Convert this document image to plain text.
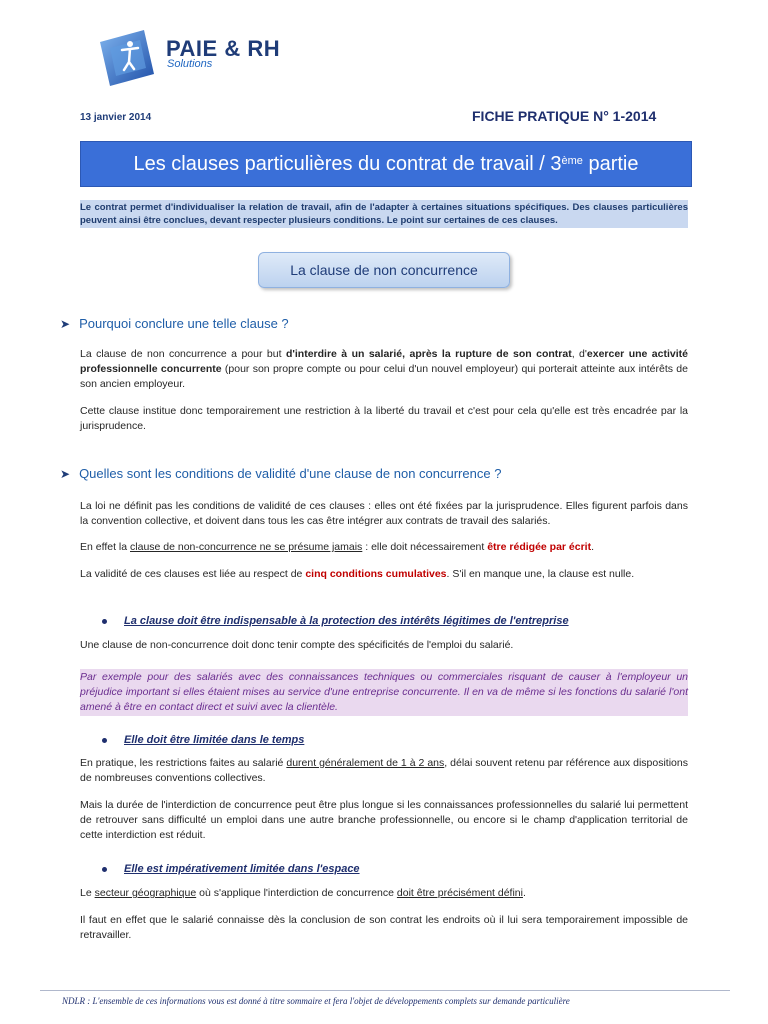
PAIE & RH
Solutions
13 janvier 2014	FICHE PRATIQUE N° 1-2014
Les clauses particulières du contrat de travail / 3ème partie
Le contrat permet d'individualiser la relation de travail, afin de l'adapter à certaines situations spécifiques. Des clauses particulières peuvent ainsi être conclues, devant respecter plusieurs conditions. Le point sur certaines de ces clauses.
La clause de non concurrence
➤ Pourquoi conclure une telle clause ?
La clause de non concurrence a pour but d'interdire à un salarié, après la rupture de son contrat, d'exercer une activité professionnelle concurrente (pour son propre compte ou pour celui d'un nouvel employeur) qui porterait atteinte aux intérêts de son ancien employeur.
Cette clause institue donc temporairement une restriction à la liberté du travail et c'est pour cela qu'elle est très encadrée par la jurisprudence.
➤ Quelles sont les conditions de validité d'une clause de non concurrence ?
La loi ne définit pas les conditions de validité de ces clauses : elles ont été fixées par la jurisprudence. Elles figurent parfois dans la convention collective, et doivent dans tous les cas être intégrer aux contrats de travail des salariés.
En effet la clause de non-concurrence ne se présume jamais : elle doit nécessairement être rédigée par écrit.
La validité de ces clauses est liée au respect de cinq conditions cumulatives. S'il en manque une, la clause est nulle.
La clause doit être indispensable à la protection des intérêts légitimes de l'entreprise
Une clause de non-concurrence doit donc tenir compte des spécificités de l'emploi du salarié.
Par exemple pour des salariés avec des connaissances techniques ou commerciales risquant de causer à l'employeur un préjudice important si elles étaient mises au service d'une entreprise concurrente. Il en va de même si les fonctions du salarié l'ont amené à être en contact direct et suivi avec la clientèle.
Elle doit être limitée dans le temps
En pratique, les restrictions faites au salarié durent généralement de 1 à 2 ans, délai souvent retenu par référence aux dispositions de nombreuses conventions collectives.
Mais la durée de l'interdiction de concurrence peut être plus longue si les connaissances professionnelles du salarié lui permettent de retrouver sans difficulté un emploi dans une autre branche professionnelle, ou encore si le champ d'application territorial de cette interdiction est réduit.
Elle est impérativement limitée dans l'espace
Le secteur géographique où s'applique l'interdiction de concurrence doit être précisément défini.
Il faut en effet que le salarié connaisse dès la conclusion de son contrat les endroits où il lui sera temporairement impossible de retravailler.
NDLR : L'ensemble de ces informations vous est donné à titre sommaire et fera l'objet de développements complets sur demande particulière
